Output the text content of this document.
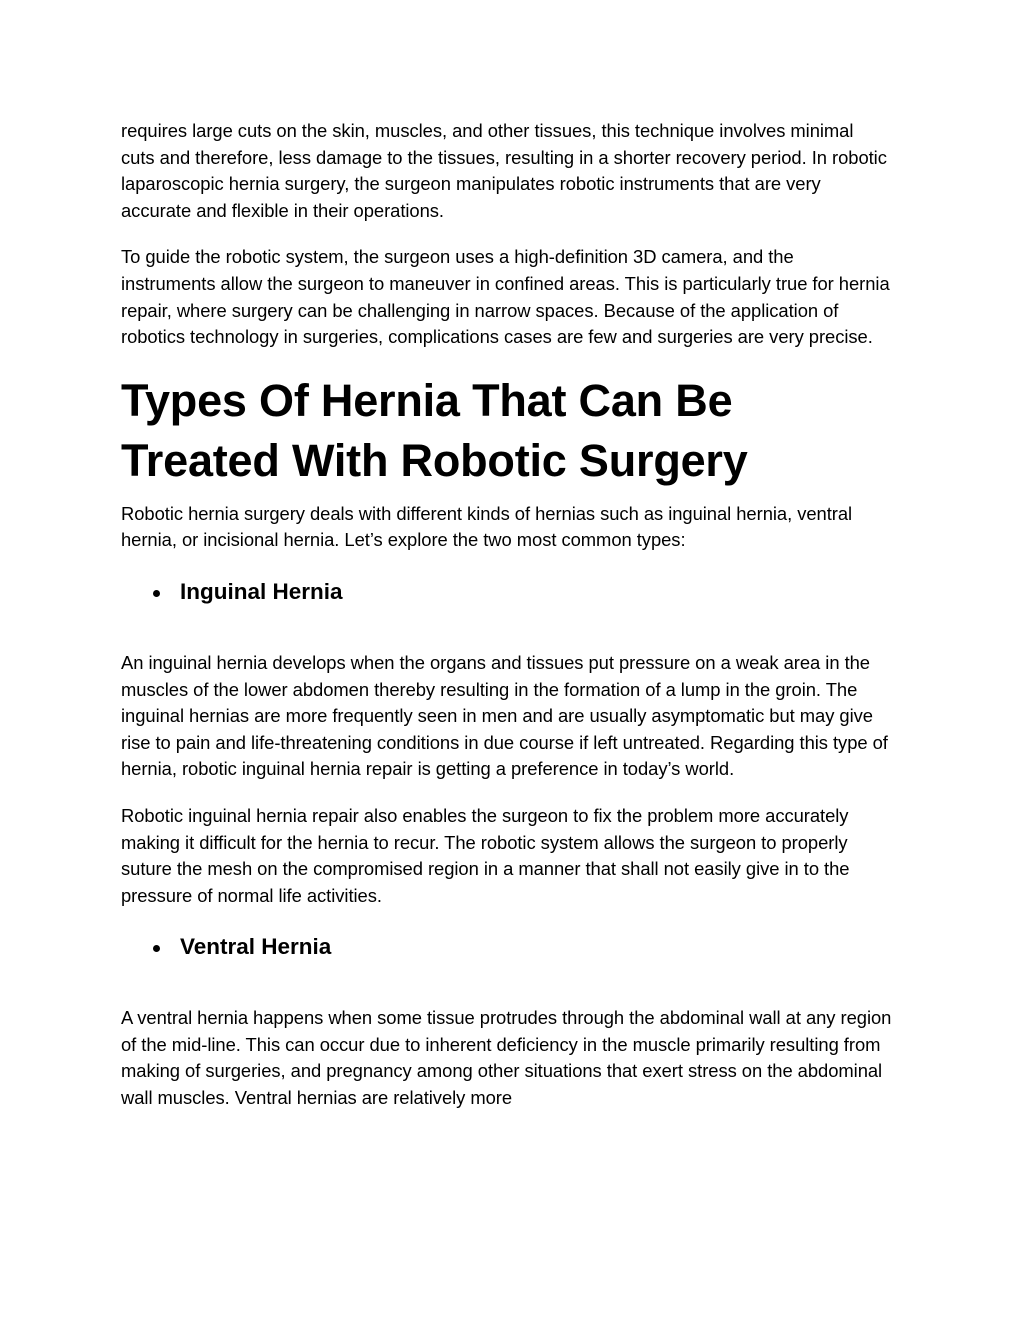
requires large cuts on the skin, muscles, and other tissues, this technique involves minimal cuts and therefore, less damage to the tissues, resulting in a shorter recovery period. In robotic laparoscopic hernia surgery, the surgeon manipulates robotic instruments that are very accurate and flexible in their operations.

To guide the robotic system, the surgeon uses a high-definition 3D camera, and the instruments allow the surgeon to maneuver in confined areas. This is particularly true for hernia repair, where surgery can be challenging in narrow spaces. Because of the application of robotics technology in surgeries, complications cases are few and surgeries are very precise.

Types Of Hernia That Can Be Treated With Robotic Surgery

Robotic hernia surgery deals with different kinds of hernias such as inguinal hernia, ventral hernia, or incisional hernia. Let’s explore the two most common types:

Inguinal Hernia

An inguinal hernia develops when the organs and tissues put pressure on a weak area in the muscles of the lower abdomen thereby resulting in the formation of a lump in the groin. The inguinal hernias are more frequently seen in men and are usually asymptomatic but may give rise to pain and life-threatening conditions in due course if left untreated. Regarding this type of hernia, robotic inguinal hernia repair is getting a preference in today’s world.

Robotic inguinal hernia repair also enables the surgeon to fix the problem more accurately making it difficult for the hernia to recur. The robotic system allows the surgeon to properly suture the mesh on the compromised region in a manner that shall not easily give in to the pressure of normal life activities.

Ventral Hernia

A ventral hernia happens when some tissue protrudes through the abdominal wall at any region of the mid-line. This can occur due to inherent deficiency in the muscle primarily resulting from making of surgeries, and pregnancy among other situations that exert stress on the abdominal wall muscles. Ventral hernias are relatively more
